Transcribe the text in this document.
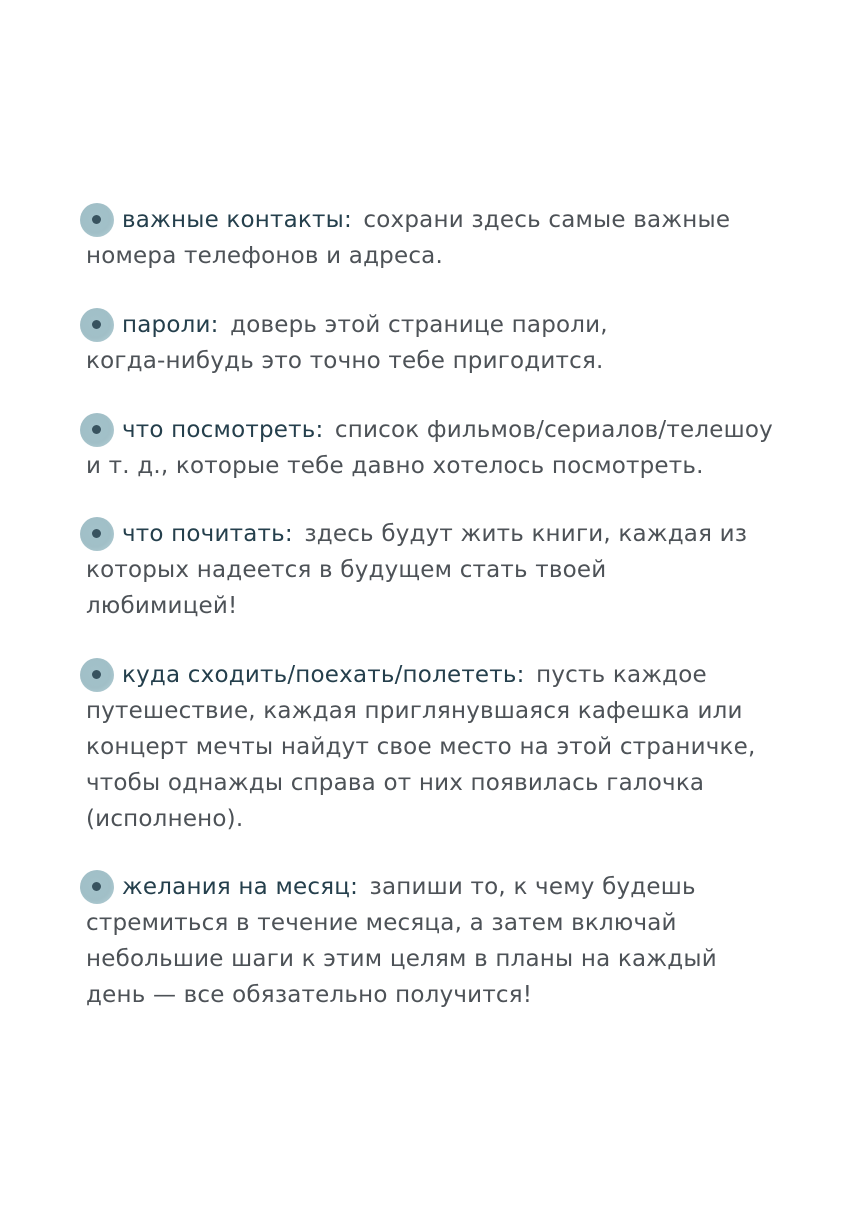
важные контакты: сохрани здесь самые важные
номера телефонов и адреса.
пароли: доверь этой странице пароли,
когда-нибудь это точно тебе пригодится.
что посмотреть: список фильмов/сериалов/телешоу
и т. д., которые тебе давно хотелось посмотреть.
что почитать: здесь будут жить книги, каждая из
которых надеется в будущем стать твоей
любимицей!
куда сходить/поехать/полететь: пусть каждое
путешествие, каждая приглянувшаяся кафешка или
концерт мечты найдут свое место на этой страничке,
чтобы однажды справа от них появилась галочка
(исполнено).
желания на месяц: запиши то, к чему будешь
стремиться в течение месяца, а затем включай
небольшие шаги к этим целям в планы на каждый
день — все обязательно получится!
